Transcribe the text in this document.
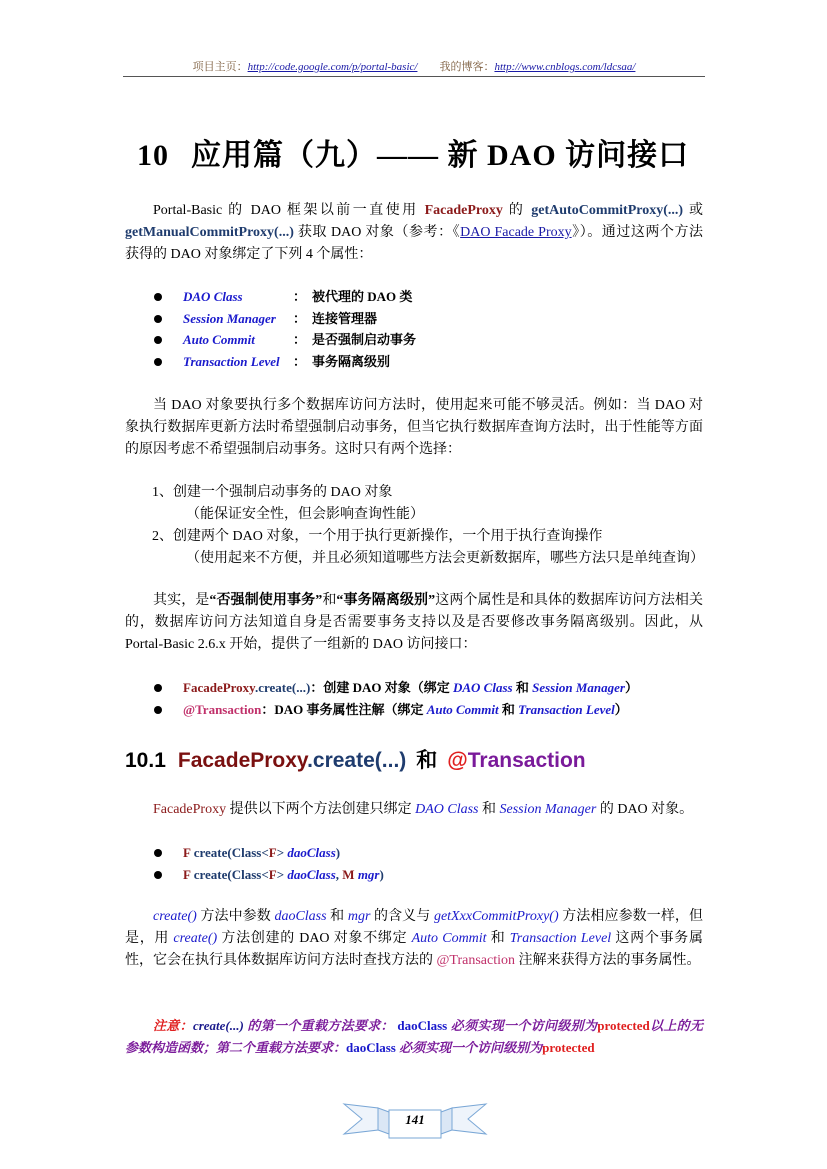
项目主页：http://code.google.com/p/portal-basic/ 我的博客：http://www.cnblogs.com/ldcsaa/
10 应用篇（九）—— 新 DAO 访问接口
Portal-Basic 的 DAO 框架以前一直使用 FacadeProxy 的 getAutoCommitProxy(...) 或 getManualCommitProxy(...) 获取 DAO 对象（参考：《DAO Facade Proxy》）。通过这两个方法获得的 DAO 对象绑定了下列 4 个属性：
DAO Class	： 被代理的 DAO 类
Session Manager ： 连接管理器
Auto Commit	： 是否强制启动事务
Transaction Level ： 事务隔离级别
当 DAO 对象要执行多个数据库访问方法时，使用起来可能不够灵活。例如：当 DAO 对象执行数据库更新方法时希望强制启动事务，但当它执行数据库查询方法时，出于性能等方面的原因考虑不希望强制启动事务。这时只有两个选择：
1、创建一个强制启动事务的 DAO 对象
（能保证安全性，但会影响查询性能）
2、创建两个 DAO 对象，一个用于执行更新操作，一个用于执行查询操作
（使用起来不方便，并且必须知道哪些方法会更新数据库，哪些方法只是单纯查询）
其实，是“否强制使用事务”和“事务隔离级别”这两个属性是和具体的数据库访问方法相关的，数据库访问方法知道自身是否需要事务支持以及是否要修改事务隔离级别。因此，从 Portal-Basic 2.6.x 开始，提供了一组新的 DAO 访问接口：
FacadeProxy.create(...)：创建 DAO 对象（绑定 DAO Class 和 Session Manager）
@Transaction：DAO 事务属性注解（绑定 Auto Commit 和 Transaction Level）
10.1 FacadeProxy.create(...) 和 @Transaction
FacadeProxy 提供以下两个方法创建只绑定 DAO Class 和 Session Manager 的 DAO 对象。
F create(Class<F> daoClass)
F create(Class<F> daoClass, M mgr)
create() 方法中参数 daoClass 和 mgr 的含义与 getXxxCommitProxy() 方法相应参数一样，但是，用 create() 方法创建的 DAO 对象不绑定 Auto Commit 和 Transaction Level 这两个事务属性，它会在执行具体数据库访问方法时查找方法的 @Transaction 注解来获得方法的事务属性。
注意：create(...) 的第一个重载方法要求： daoClass 必须实现一个访问级别为protected以上的无参数构造函数；第二个重载方法要求：daoClass 必须实现一个访问级别为protected
141
